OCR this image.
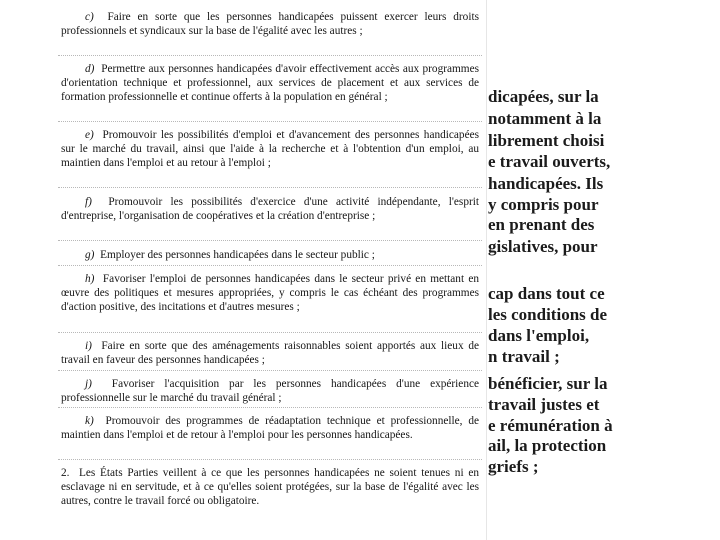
dicapées, sur la
notamment à la
librement choisi
e travail ouverts,
handicapées. Ils
y compris pour
en prenant des
gislatives, pour
cap dans tout ce
les conditions de
dans l'emploi,
n travail ;
bénéficier, sur la
travail justes et
e rémunération à
ail, la protection
griefs ;

c) Faire en sorte que les personnes handicapées puissent exercer leurs droits professionnels et syndicaux sur la base de l'égalité avec les autres ;

d) Permettre aux personnes handicapées d'avoir effectivement accès aux programmes d'orientation technique et professionnel, aux services de placement et aux services de formation professionnelle et continue offerts à la population en général ;

e) Promouvoir les possibilités d'emploi et d'avancement des personnes handicapées sur le marché du travail, ainsi que l'aide à la recherche et à l'obtention d'un emploi, au maintien dans l'emploi et au retour à l'emploi ;

f) Promouvoir les possibilités d'exercice d'une activité indépendante, l'esprit d'entreprise, l'organisation de coopératives et la création d'entreprise ;

g) Employer des personnes handicapées dans le secteur public ;

h) Favoriser l'emploi de personnes handicapées dans le secteur privé en mettant en œuvre des politiques et mesures appropriées, y compris le cas échéant des programmes d'action positive, des incitations et d'autres mesures ;

i) Faire en sorte que des aménagements raisonnables soient apportés aux lieux de travail en faveur des personnes handicapées ;

j) Favoriser l'acquisition par les personnes handicapées d'une expérience professionnelle sur le marché du travail général ;

k) Promouvoir des programmes de réadaptation technique et professionnelle, de maintien dans l'emploi et de retour à l'emploi pour les personnes handicapées.

2. Les États Parties veillent à ce que les personnes handicapées ne soient tenues ni en esclavage ni en servitude, et à ce qu'elles soient protégées, sur la base de l'égalité avec les autres, contre le travail forcé ou obligatoire.
